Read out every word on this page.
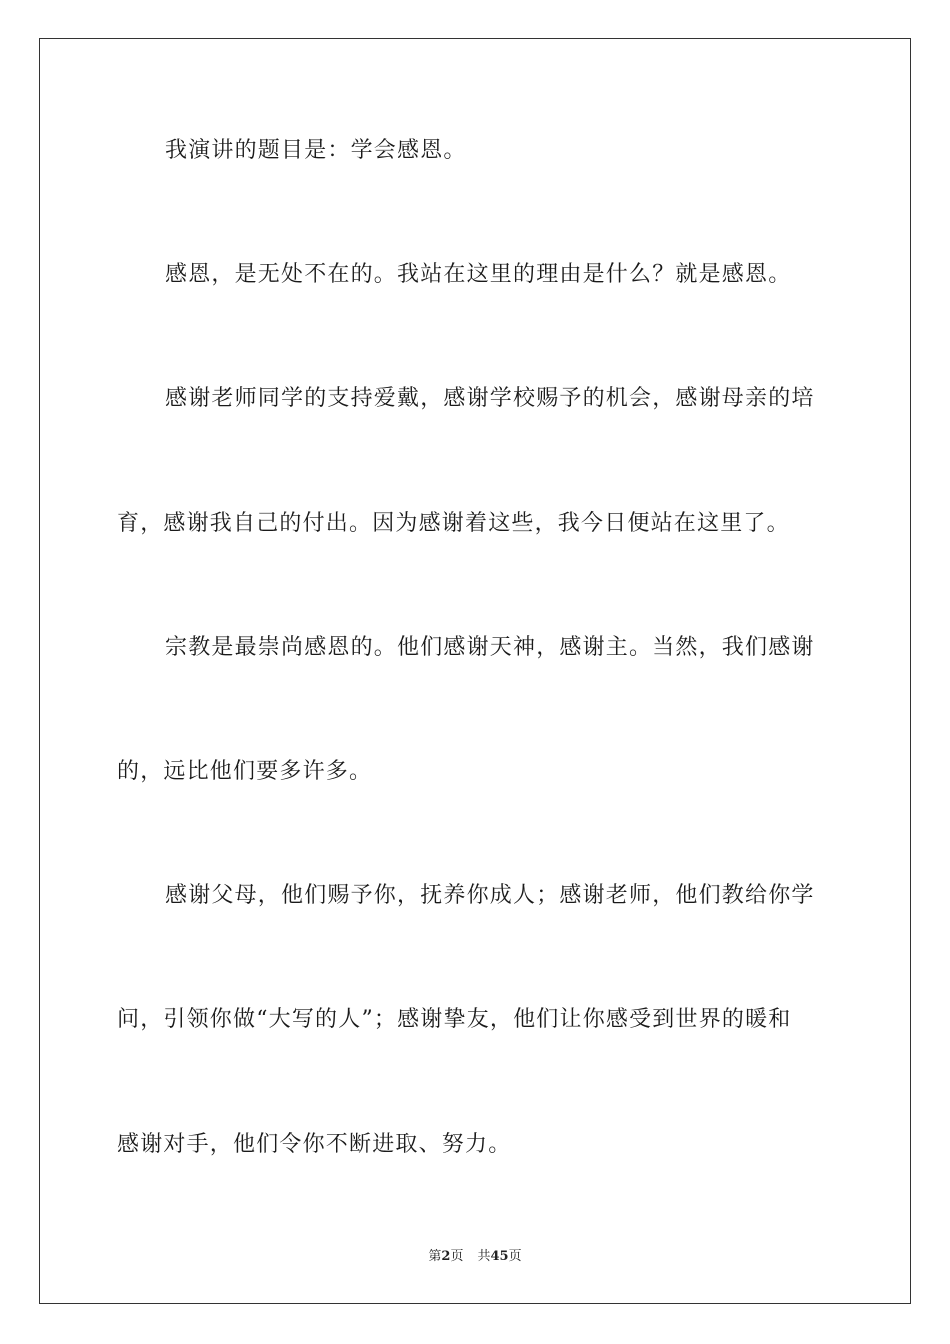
我演讲的题目是：学会感恩。
感恩，是无处不在的。我站在这里的理由是什么？就是感恩。
感谢老师同学的支持爱戴，感谢学校赐予的机会，感谢母亲的培
育，感谢我自己的付出。因为感谢着这些，我今日便站在这里了。
宗教是最崇尚感恩的。他们感谢天神，感谢主。当然，我们感谢
的，远比他们要多许多。
感谢父母，他们赐予你，抚养你成人；感谢老师，他们教给你学
问，引领你做“大写的人”；感谢挚友，他们让你感受到世界的暖和
感谢对手，他们令你不断进取、努力。
第2页 共45页
